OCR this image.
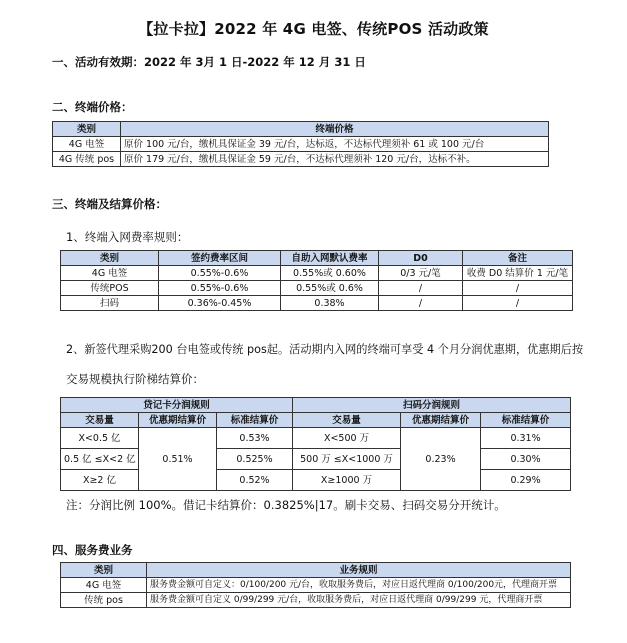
【拉卡拉】2022 年 4G 电签、传统POS 活动政策
一、活动有效期：2022 年 3月 1 日-2022 年 12 月 31 日
二、终端价格：
类别	终端价格
4G 电签	原价 100 元/台，缴机具保证金 39 元/台，达标返，不达标代理须补 61 或 100 元/台
4G 传统 pos	原价 179 元/台，缴机具保证金 59 元/台，不达标代理须补 120 元/台，达标不补。
三、终端及结算价格：
1、终端入网费率规则：
类别	签约费率区间	自助入网默认费率	D0	备注
4G 电签	0.55%-0.6%	0.55%或 0.60%	0/3 元/笔	收费 D0 结算价 1 元/笔
传统POS	0.55%-0.6%	0.55%或 0.6%	/	/
扫码	0.36%-0.45%	0.38%	/	/
2、新签代理采购200 台电签或传统 pos起。活动期内入网的终端可享受 4 个月分润优惠期，优惠期后按
交易规模执行阶梯结算价：
贷记卡分润规则			扫码分润规则		
交易量	优惠期结算价	标准结算价	交易量	优惠期结算价	标准结算价
X<0.5 亿	0.51%	0.53%	X<500 万	0.23%	0.31%
0.5 亿 ≤X<2 亿		0.525%	500 万 ≤X<1000 万		0.30%
X≥2 亿		0.52%	X≥1000 万		0.29%
注：分润比例 100%。借记卡结算价：0.3825%|17。刷卡交易、扫码交易分开统计。
四、服务费业务
类别	业务规则
4G 电签	服务费金额可自定义：0/100/200 元/台，收取服务费后，对应日返代理商 0/100/200元，代理商开票
传统 pos	服务费金额可自定义 0/99/299 元/台，收取服务费后，对应日返代理商 0/99/299 元，代理商开票
